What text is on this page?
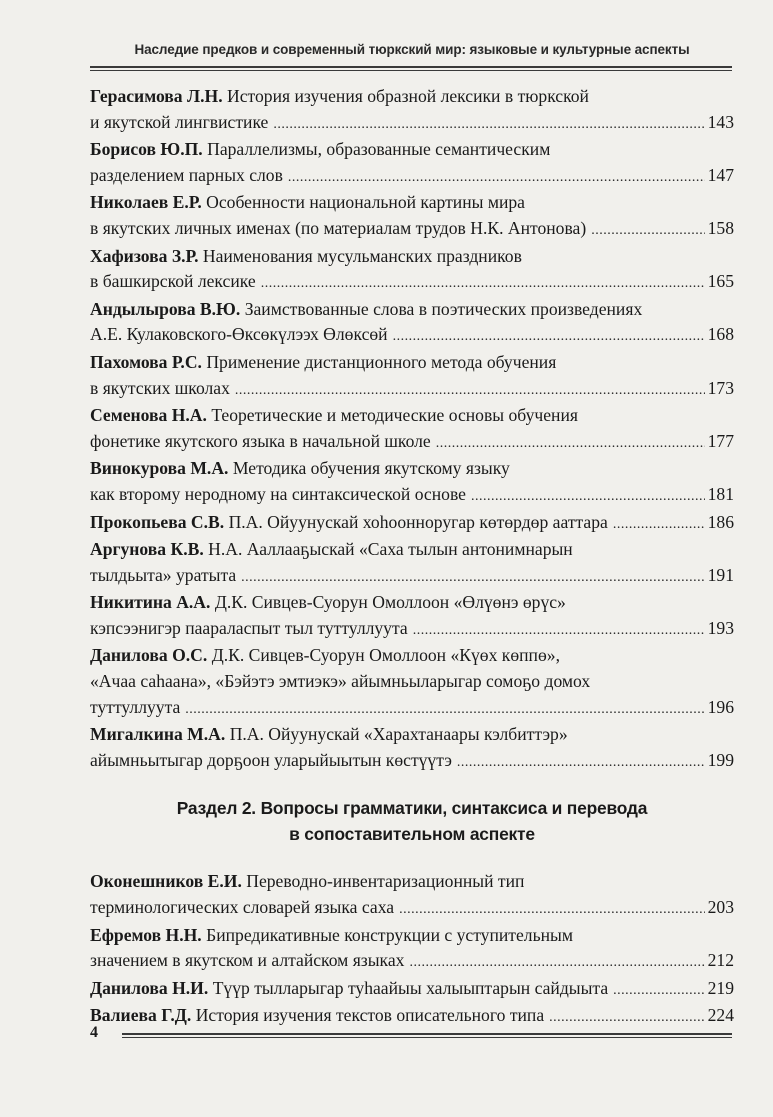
Наследие предков и современный тюркский мир: языковые и культурные аспекты
Герасимова Л.Н.
История изучения образной лексики в тюркской
и якутской лингвистике .....	143
Борисов Ю.П.
Параллелизмы, образованные семантическим
разделением парных слов .....	147
Николаев Е.Р.
Особенности национальной картины мира
в якутских личных именах (по материалам трудов Н.К. Антонова) .....	158
Хафизова З.Р.
Наименования мусульманских праздников
в башкирской лексике .....	165
Андылырова В.Ю.
Заимствованные слова в поэтических произведениях
А.Е. Кулаковского-Өксөкүлээх Өлөксөй .....	168
Пахомова Р.С.
Применение дистанционного метода обучения
в якутских школах .....	173
Семенова Н.А.
Теоретические и методические основы обучения
фонетике якутского языка в начальной школе .....	177
Винокурова М.А.
Методика обучения якутскому языку
как второму неродному на синтаксической основе .....	181
Прокопьева С.В.
П.А. Ойуунускай хоһоонноругар көтөрдөр ааттара .....	186
Аргунова К.В.
Н.А. Ааллааҕыскай «Саха тылын антонимнарын
тылдьыта» уратыта .....	191
Никитина А.А.
Д.К. Сивцев-Суорун Омоллоон «Өлүөнэ өрүс»
кэпсээнигэр паараласпыт тыл туттуллуута .....	193
Данилова О.С.
Д.К. Сивцев-Суорун Омоллоон «Күөх көппө»,
«Ачаа саһаана», «Бэйэтэ эмтиэкэ» айымньыларыгар сомоҕо домох
туттуллуута .....	196
Мигалкина М.А.
П.А. Ойуунускай «Харахтанаары кэлбиттэр»
айымньытыгар дорҕоон уларыйыытын көстүүтэ .....	199
Раздел 2. Вопросы грамматики, синтаксиса и перевода
в сопоставительном аспекте
Оконешников Е.И.
Переводно-инвентаризационный тип
терминологических словарей языка саха .....	203
Ефремов Н.Н.
Бипредикативные конструкции с уступительным
значением в якутском и алтайском языках .....	212
Данилова Н.И.
Түүр тылларыгар туһаайыы халыыптарын сайдыыта .....	219
Валиева Г.Д.
История изучения текстов описательного типа .....	224
4
